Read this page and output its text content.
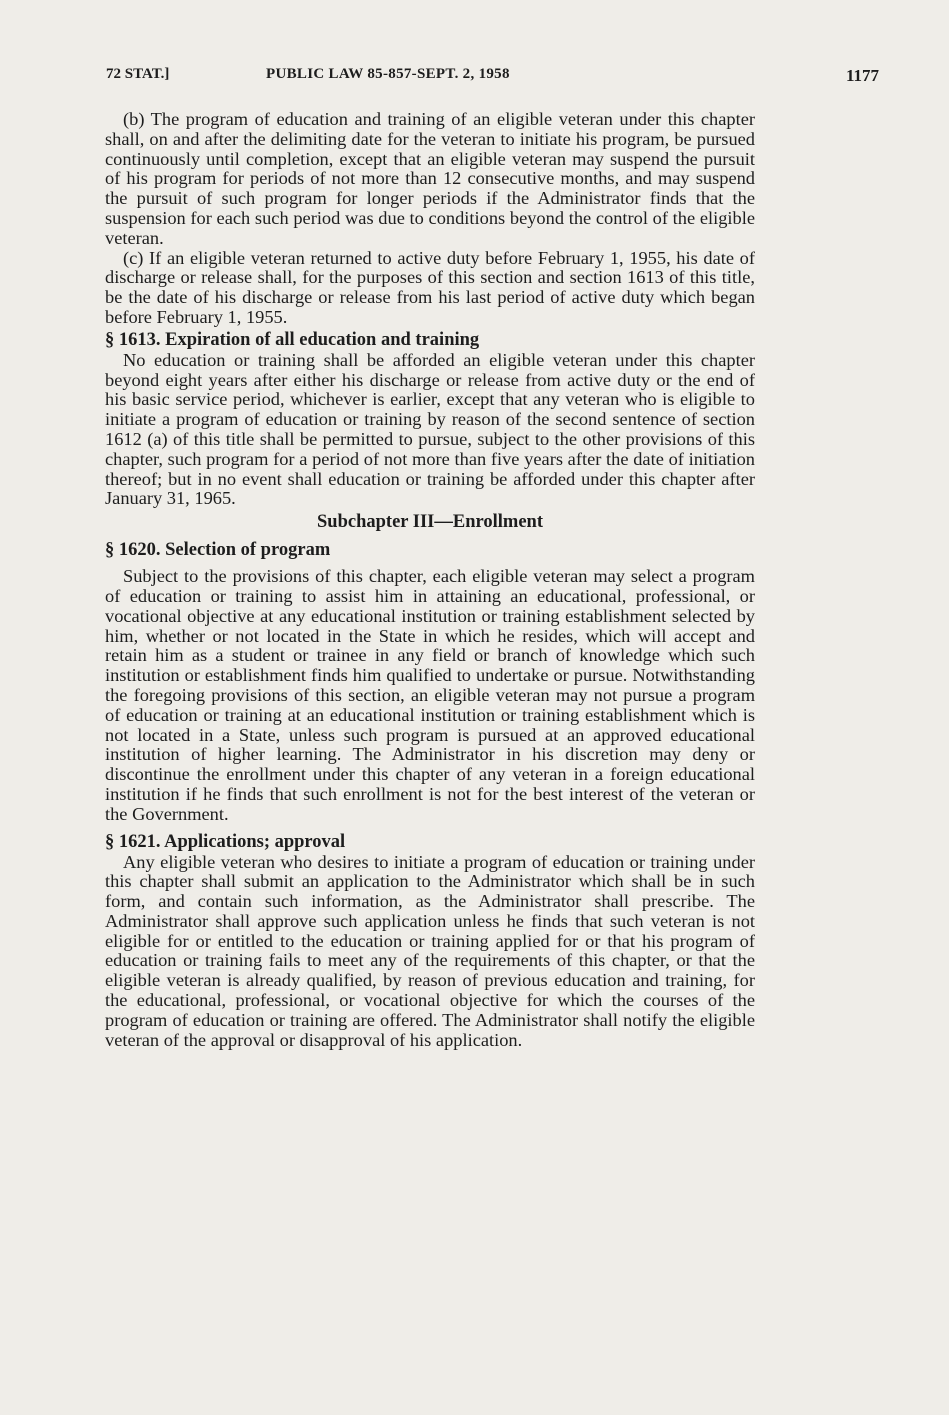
72 STAT.]	PUBLIC LAW 85-857-SEPT. 2, 1958	1177

(b) The program of education and training of an eligible veteran under this chapter shall, on and after the delimiting date for the veteran to initiate his program, be pursued continuously until completion, except that an eligible veteran may suspend the pursuit of his program for periods of not more than 12 consecutive months, and may suspend the pursuit of such program for longer periods if the Administrator finds that the suspension for each such period was due to conditions beyond the control of the eligible veteran.

(c) If an eligible veteran returned to active duty before February 1, 1955, his date of discharge or release shall, for the purposes of this section and section 1613 of this title, be the date of his discharge or release from his last period of active duty which began before February 1, 1955.

§ 1613. Expiration of all education and training

No education or training shall be afforded an eligible veteran under this chapter beyond eight years after either his discharge or release from active duty or the end of his basic service period, whichever is earlier, except that any veteran who is eligible to initiate a program of education or training by reason of the second sentence of section 1612 (a) of this title shall be permitted to pursue, subject to the other provisions of this chapter, such program for a period of not more than five years after the date of initiation thereof; but in no event shall education or training be afforded under this chapter after January 31, 1965.

Subchapter III—Enrollment

§ 1620. Selection of program

Subject to the provisions of this chapter, each eligible veteran may select a program of education or training to assist him in attaining an educational, professional, or vocational objective at any educational institution or training establishment selected by him, whether or not located in the State in which he resides, which will accept and retain him as a student or trainee in any field or branch of knowledge which such institution or establishment finds him qualified to undertake or pursue. Notwithstanding the foregoing provisions of this section, an eligible veteran may not pursue a program of education or training at an educational institution or training establishment which is not located in a State, unless such program is pursued at an approved educational institution of higher learning. The Administrator in his discretion may deny or discontinue the enrollment under this chapter of any veteran in a foreign educational institution if he finds that such enrollment is not for the best interest of the veteran or the Government.

§ 1621. Applications; approval

Any eligible veteran who desires to initiate a program of education or training under this chapter shall submit an application to the Administrator which shall be in such form, and contain such information, as the Administrator shall prescribe. The Administrator shall approve such application unless he finds that such veteran is not eligible for or entitled to the education or training applied for or that his program of education or training fails to meet any of the requirements of this chapter, or that the eligible veteran is already qualified, by reason of previous education and training, for the educational, professional, or vocational objective for which the courses of the program of education or training are offered. The Administrator shall notify the eligible veteran of the approval or disapproval of his application.
